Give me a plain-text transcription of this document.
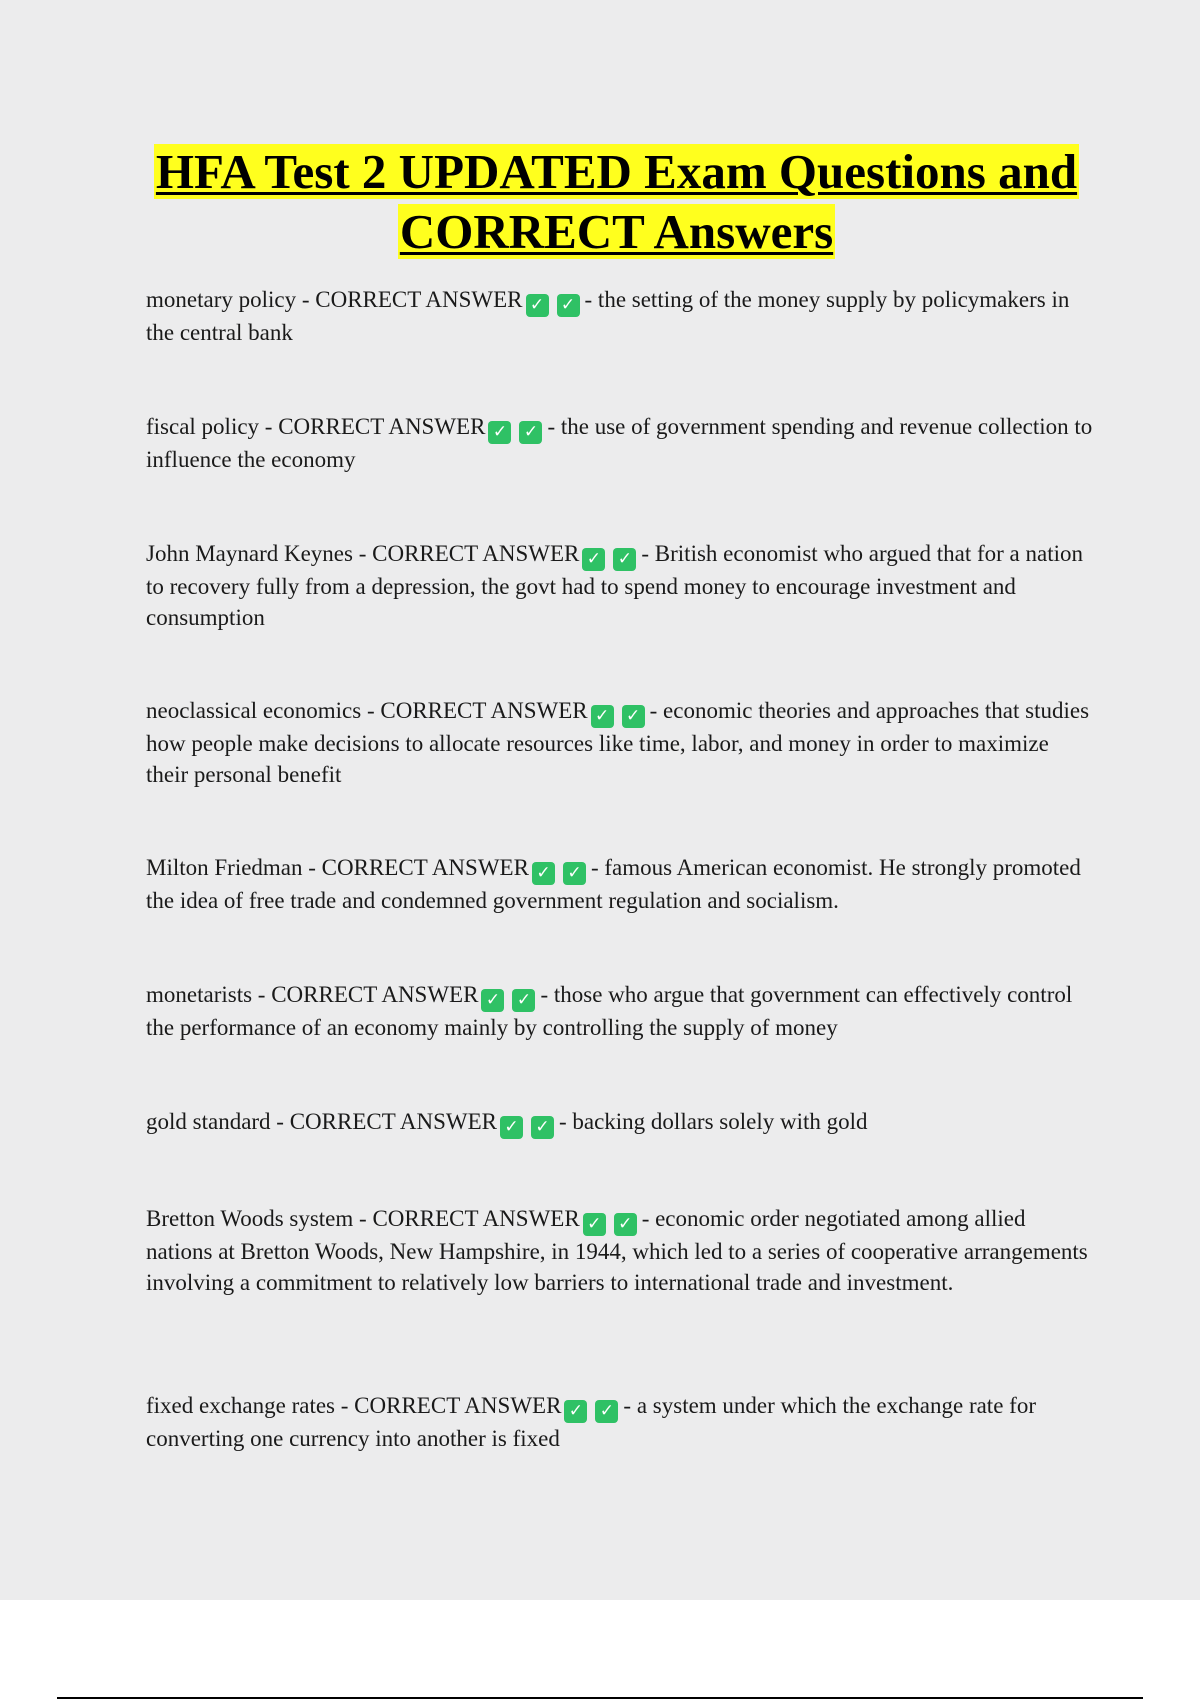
HFA Test 2 UPDATED Exam Questions and
CORRECT Answers

monetary policy - CORRECT ANSWER ✓ ✓ - the setting of the money supply by policymakers in the central bank

fiscal policy - CORRECT ANSWER ✓ ✓ - the use of government spending and revenue collection to influence the economy

John Maynard Keynes - CORRECT ANSWER ✓ ✓ - British economist who argued that for a nation to recovery fully from a depression, the govt had to spend money to encourage investment and consumption

neoclassical economics - CORRECT ANSWER ✓ ✓ - economic theories and approaches that studies how people make decisions to allocate resources like time, labor, and money in order to maximize their personal benefit

Milton Friedman - CORRECT ANSWER ✓ ✓ - famous American economist. He strongly promoted the idea of free trade and condemned government regulation and socialism.

monetarists - CORRECT ANSWER ✓ ✓ - those who argue that government can effectively control the performance of an economy mainly by controlling the supply of money

gold standard - CORRECT ANSWER ✓ ✓ - backing dollars solely with gold

Bretton Woods system - CORRECT ANSWER ✓ ✓ - economic order negotiated among allied nations at Bretton Woods, New Hampshire, in 1944, which led to a series of cooperative arrangements involving a commitment to relatively low barriers to international trade and investment.

fixed exchange rates - CORRECT ANSWER ✓ ✓ - a system under which the exchange rate for converting one currency into another is fixed
